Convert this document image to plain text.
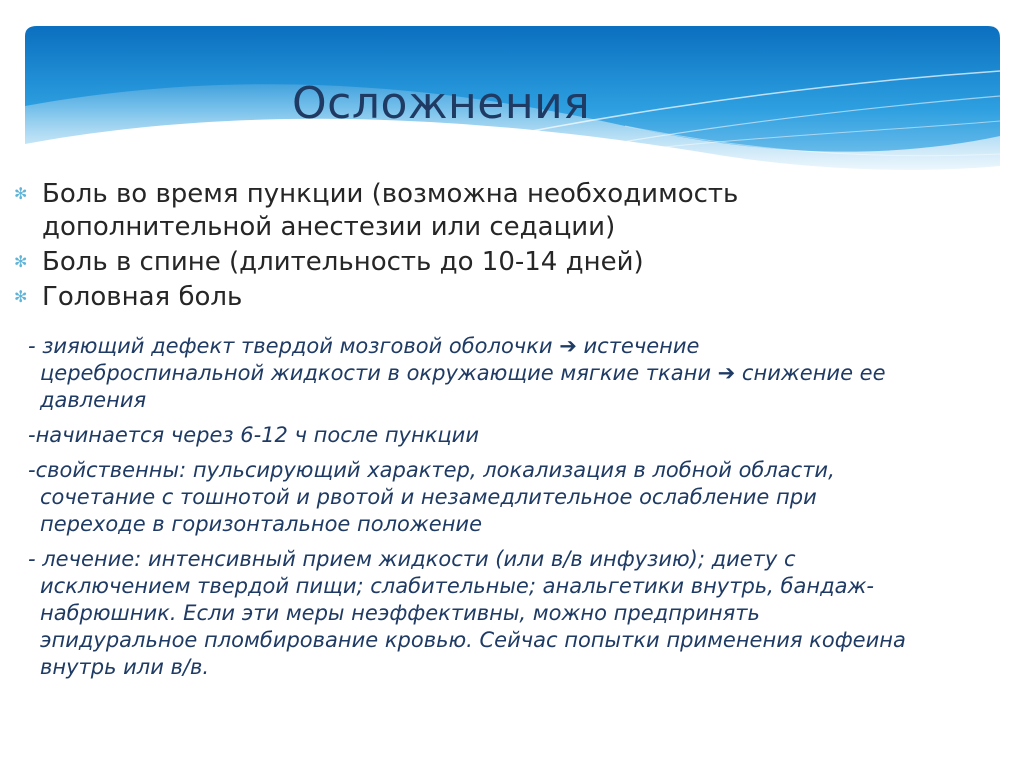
Осложнения
✻ Боль во время пункции (возможна необходимость дополнительной анестезии или седации)
✻ Боль в спине (длительность до 10-14 дней)
✻ Головная боль
- зияющий дефект твердой мозговой оболочки ➔ истечение цереброспинальной жидкости в окружающие мягкие ткани ➔ снижение ее давления
-начинается через 6-12 ч после пункции
-свойственны: пульсирующий характер, локализация в лобной области, сочетание с тошнотой и рвотой и незамедлительное ослабление при переходе в горизонтальное положение
- лечение: интенсивный прием жидкости (или в/в инфузию); диету с исключением твердой пищи; слабительные; анальгетики внутрь, бандаж-набрюшник. Если эти меры неэффективны, можно предпринять эпидуральное пломбирование кровью. Сейчас попытки применения кофеина внутрь или в/в.
